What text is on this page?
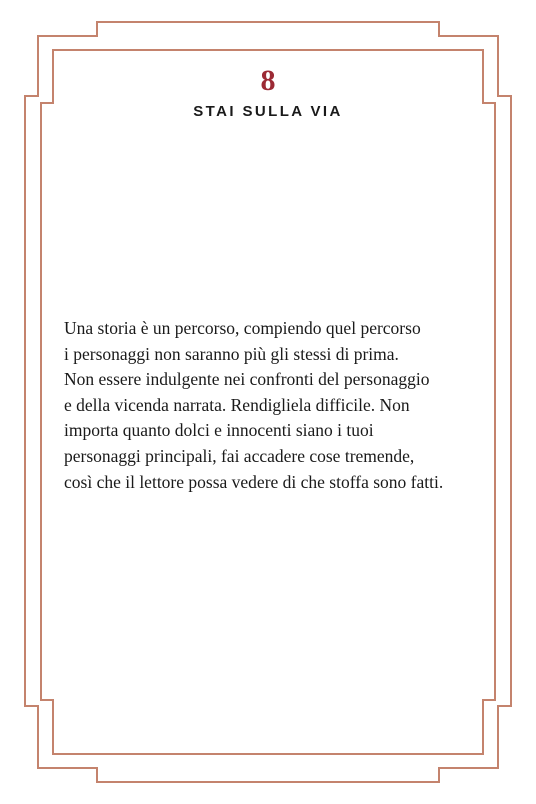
8
STAI SULLA VIA

Una storia è un percorso, compiendo quel percorso
i personaggi non saranno più gli stessi di prima.
Non essere indulgente nei confronti del personaggio
e della vicenda narrata. Rendigliela difficile. Non
importa quanto dolci e innocenti siano i tuoi
personaggi principali, fai accadere cose tremende,
così che il lettore possa vedere di che stoffa sono fatti.
